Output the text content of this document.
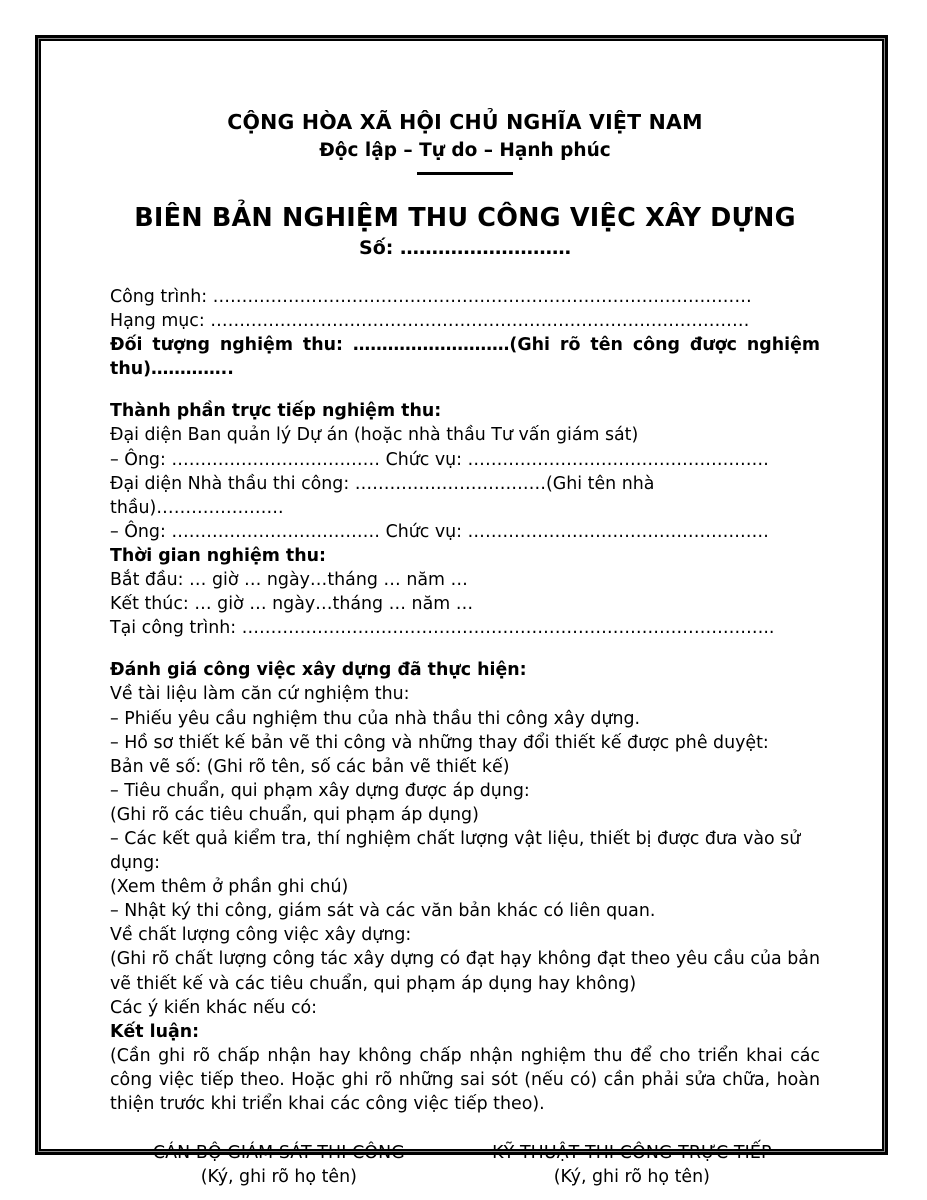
CỘNG HÒA XÃ HỘI CHỦ NGHĨA VIỆT NAM
Độc lập – Tự do – Hạnh phúc
BIÊN BẢN NGHIỆM THU CÔNG VIỆC XÂY DỰNG
Số: ………………………
Công trình: …………………………………………………………………………………
Hạng mục: …………………………………………………………………………………
Đối tượng nghiệm thu: ………………………(Ghi rõ tên công được nghiệm thu)…………..
Thành phần trực tiếp nghiệm thu:
Đại diện Ban quản lý Dự án (hoặc nhà thầu Tư vấn giám sát)
– Ông: ……………………………… Chức vụ: …………………………………………….
Đại diện Nhà thầu thi công: ……………………………(Ghi tên nhà thầu)………………….
– Ông: ……………………………… Chức vụ: …………………………………………….
Thời gian nghiệm thu:
Bắt đầu: … giờ … ngày…tháng … năm …
Kết thúc: … giờ … ngày…tháng … năm …
Tại công trình: ………………………………………………………………………………..
Đánh giá công việc xây dựng đã thực hiện:
Về tài liệu làm căn cứ nghiệm thu:
– Phiếu yêu cầu nghiệm thu của nhà thầu thi công xây dựng.
– Hồ sơ thiết kế bản vẽ thi công và những thay đổi thiết kế được phê duyệt:
Bản vẽ số: (Ghi rõ tên, số các bản vẽ thiết kế)
– Tiêu chuẩn, qui phạm xây dựng được áp dụng:
(Ghi rõ các tiêu chuẩn, qui phạm áp dụng)
– Các kết quả kiểm tra, thí nghiệm chất lượng vật liệu, thiết bị được đưa vào sử dụng:
(Xem thêm ở phần ghi chú)
– Nhật ký thi công, giám sát và các văn bản khác có liên quan.
Về chất lượng công việc xây dựng:
(Ghi rõ chất lượng công tác xây dựng có đạt hạy không đạt theo yêu cầu của bản vẽ thiết kế và các tiêu chuẩn, qui phạm áp dụng hay không)
Các ý kiến khác nếu có:
Kết luận:
(Cần ghi rõ chấp nhận hay không chấp nhận nghiệm thu để cho triển khai các công việc tiếp theo. Hoặc ghi rõ những sai sót (nếu có) cần phải sửa chữa, hoàn thiện trước khi triển khai các công việc tiếp theo).
CÁN BỘ GIÁM SÁT THI CÔNG
(Ký, ghi rõ họ tên)
KỸ THUẬT THI CÔNG TRỰC TIẾP
(Ký, ghi rõ họ tên)
